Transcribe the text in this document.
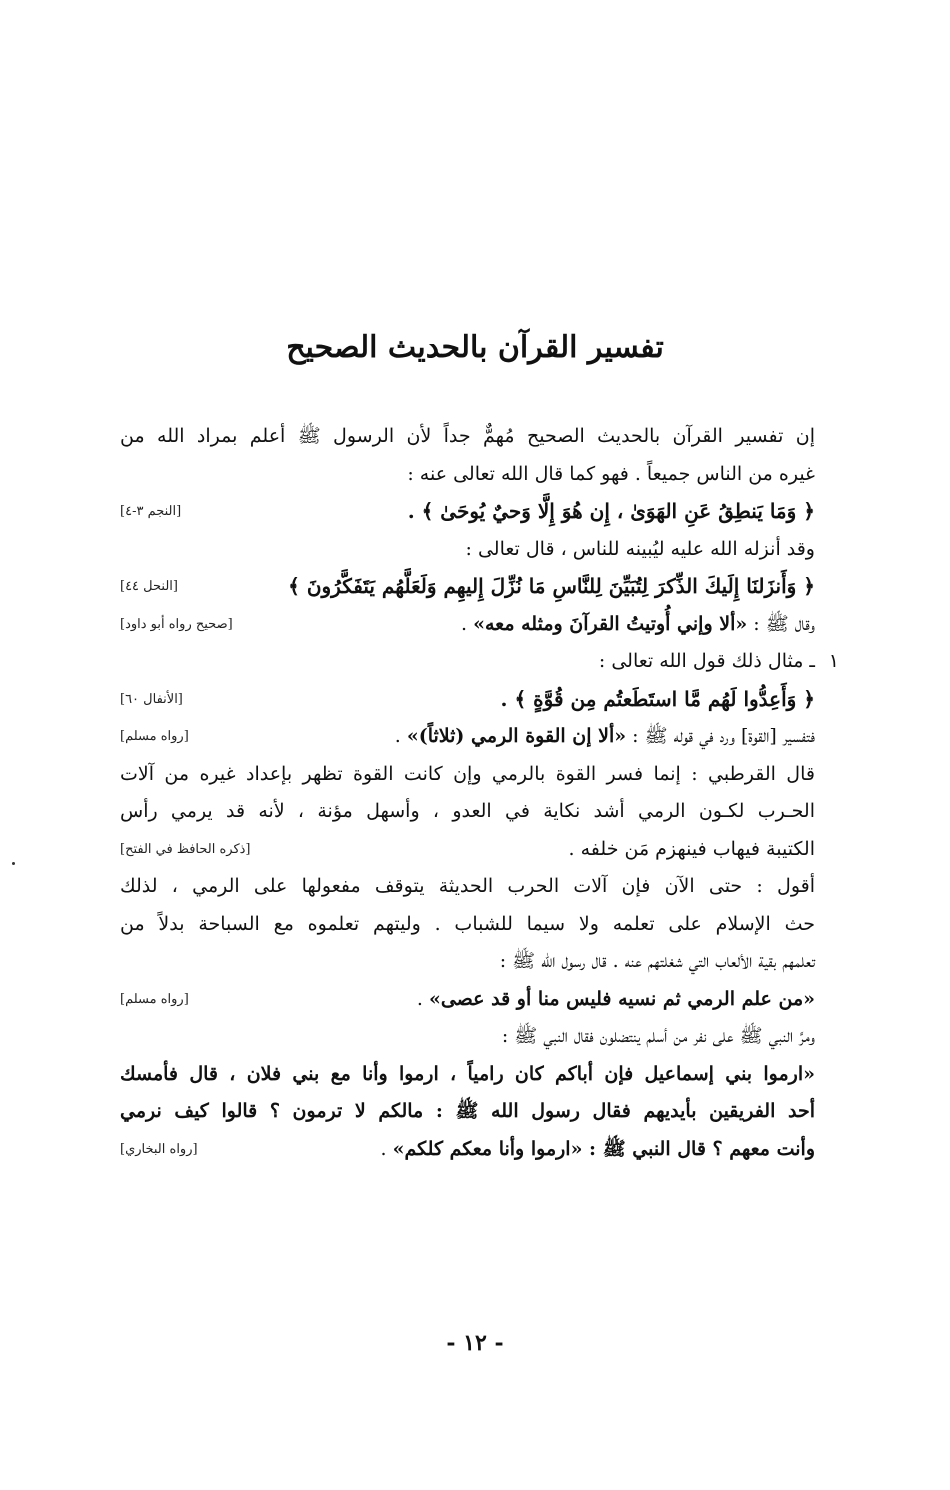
تفسير القرآن بالحديث الصحيح
إن تفسير القرآن بالحديث الصحيح مُهمٌّ جداً لأن الرسول ﷺ أعلم بمراد الله من
غيره من الناس جميعاً . فهو كما قال الله تعالى عنه :
﴿ وَمَا يَنطِقُ عَنِ الهَوَىٰ ، إِن هُوَ إِلَّا وَحيٌ يُوحَىٰ ﴾ .
[النجم ٣-٤]
وقد أنزله الله عليه ليُبينه للناس ، قال تعالى :
﴿ وَأَنزَلنَا إِلَيكَ الذِّكرَ لِتُبَيِّنَ لِلنَّاسِ مَا نُزِّلَ إِليهِم وَلَعَلَّهُم يَتَفَكَّرُونَ ﴾
[النحل ٤٤]
وقال ﷺ : «ألا وإني أُوتيتُ القرآنَ ومثله معه» .
[صحيح رواه أبو داود]
١
ـ مثال ذلك قول الله تعالى :
﴿ وَأَعِدُّوا لَهُم مَّا استَطَعتُم مِن قُوَّةٍ ﴾ .
[الأنفال ٦٠]
فتفسير [القوة] ورد في قوله ﷺ : «ألا إن القوة الرمي (ثلاثاً)» .
[رواه مسلم]
قال القرطبي : إنما فسر القوة بالرمي وإن كانت القوة تظهر بإعداد غيره من آلات
الحـرب لكـون الرمي أشد نكاية في العدو ، وأسهل مؤنة ، لأنه قد يرمي رأس
الكتيبة فيهاب فينهزم مَن خلفه .
[ذكره الحافظ في الفتح]
أقول : حتى الآن فإن آلات الحرب الحديثة يتوقف مفعولها على الرمي ، لذلك
حث الإسلام على تعلمه ولا سيما للشباب . وليتهم تعلموه مع السباحة بدلاً من
تعلمهم بقية الألعاب التي شغلتهم عنه . قال رسول الله ﷺ :
«من علم الرمي ثم نسيه فليس منا أو قد عصى» .
[رواه مسلم]
ومرَّ النبي ﷺ على نفر من أسلم ينتضلون فقال النبي ﷺ :
«ارموا بني إسماعيل فإن أباكم كان رامياً ، ارموا وأنا مع بني فلان ، قال فأمسك
أحد الفريقين بأيديهم فقال رسول الله ﷺ : مالكم لا ترمون ؟ قالوا كيف نرمي
وأنت معهم ؟ قال النبي ﷺ : «ارموا وأنا معكم كلكم» .
[رواه البخاري]
- ١٢ -
